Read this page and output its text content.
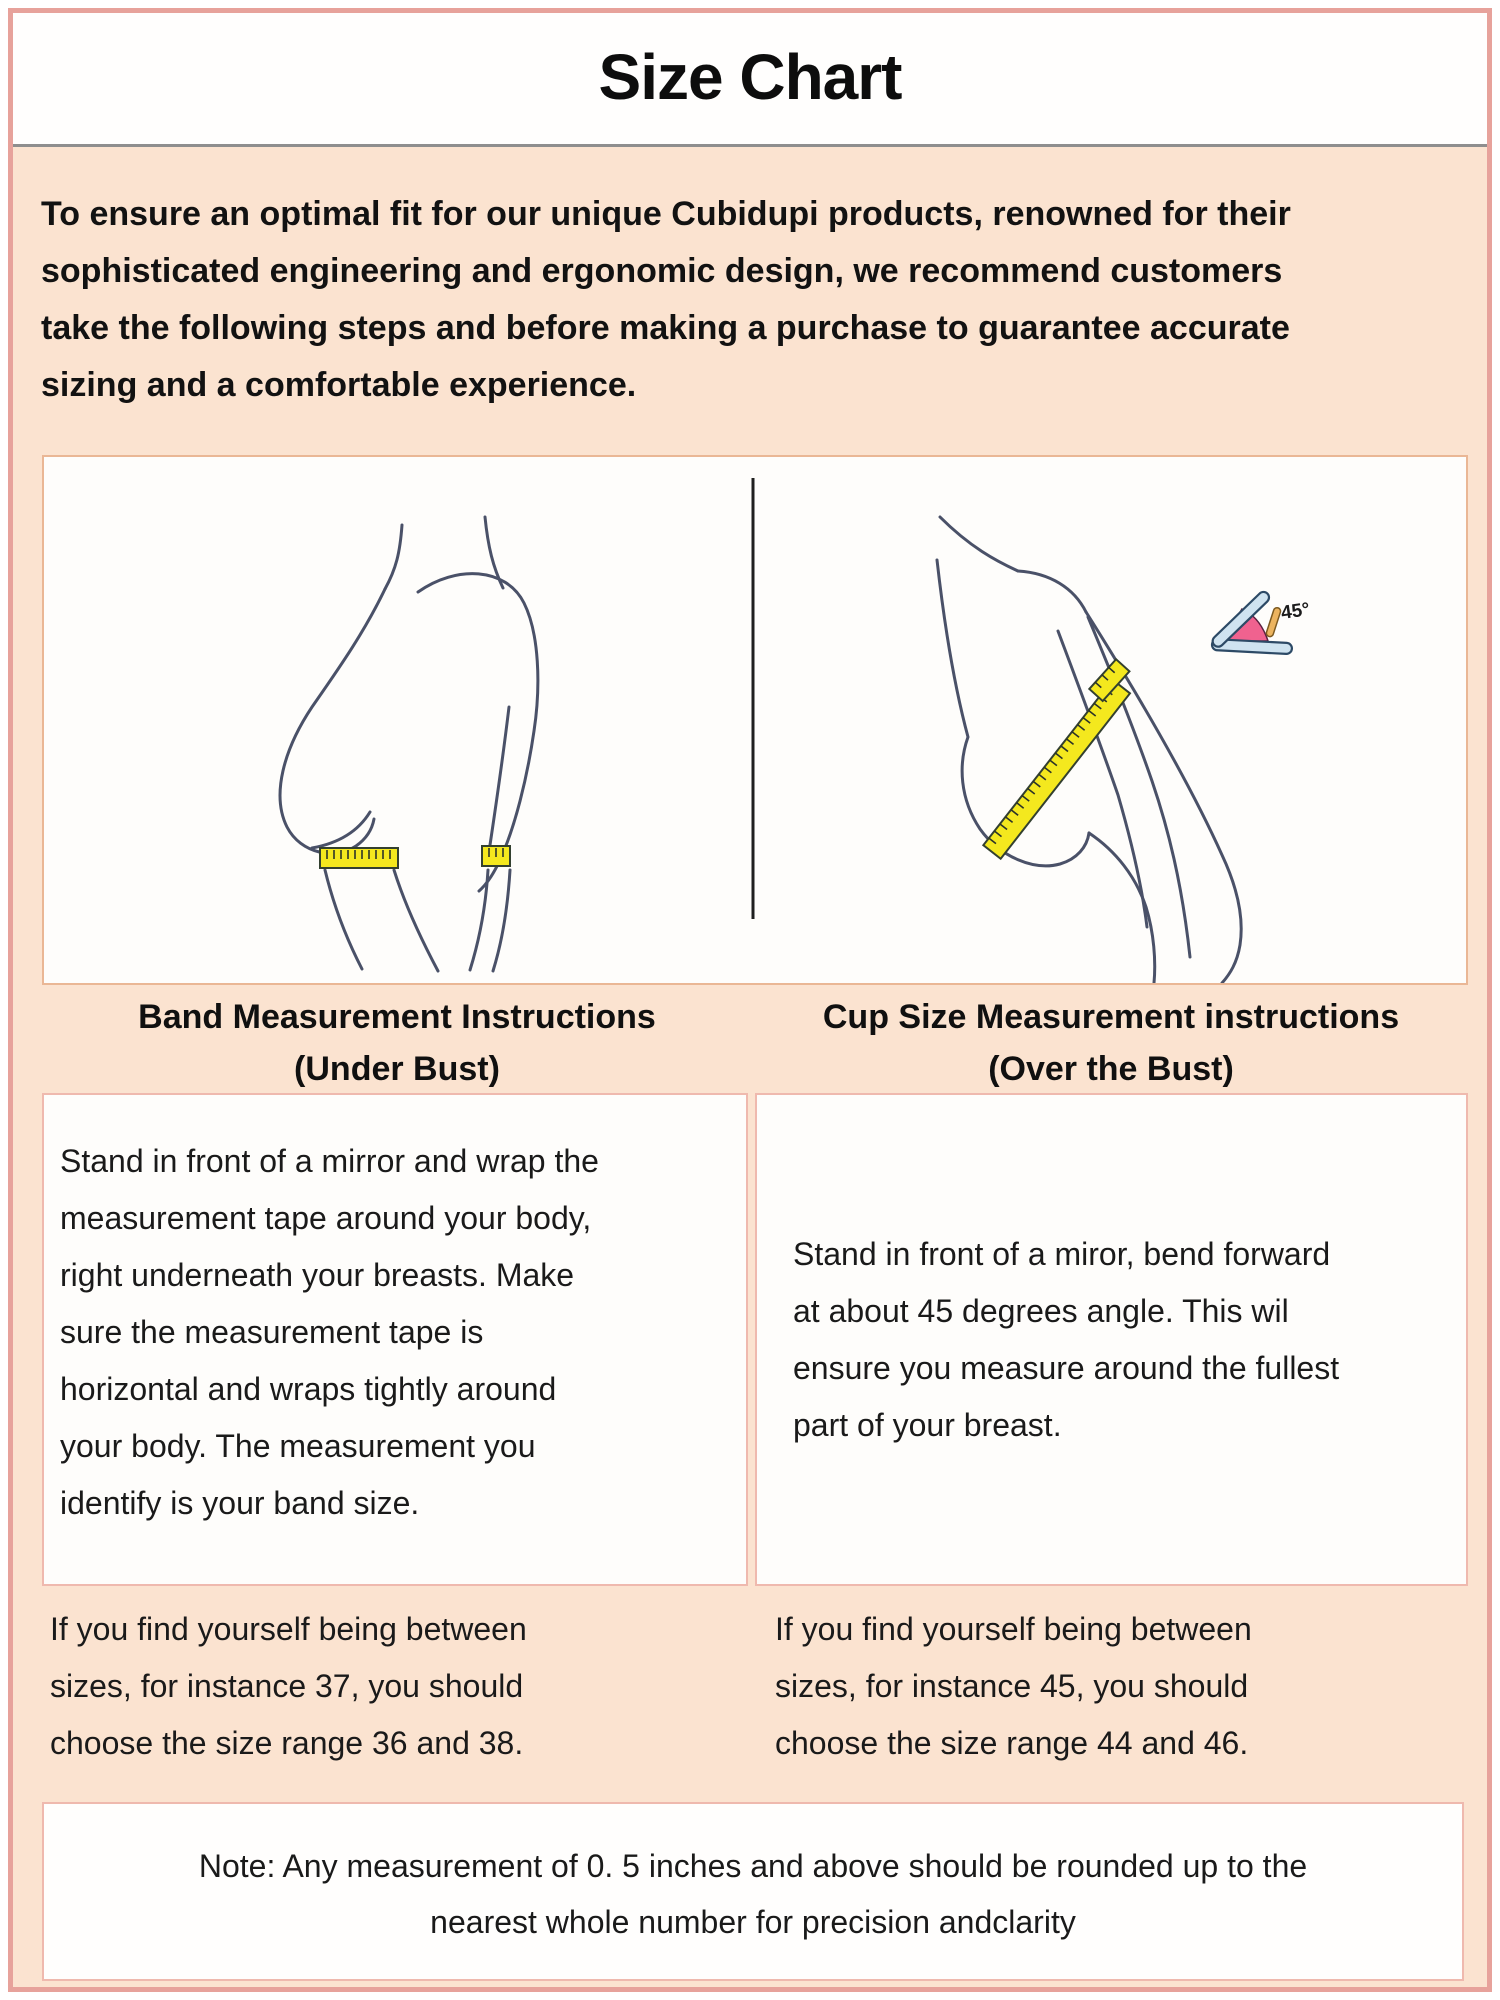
Size Chart
To ensure an optimal fit for our unique Cubidupi products, renowned for their
sophisticated engineering and ergonomic design, we recommend customers
take the following steps and before making a purchase to guarantee accurate
sizing and a comfortable experience.
45°
Band Measurement Instructions
(Under Bust)
Cup Size Measurement instructions
(Over the Bust)
Stand in front of a mirror and wrap the
measurement tape around your body,
right underneath your breasts. Make
sure the measurement tape is
horizontal and wraps tightly around
your body. The measurement you
identify is your band size.
Stand in front of a miror, bend forward
at about 45 degrees angle. This wil
ensure you measure around the fullest
part of your breast.
If you find yourself being between
sizes, for instance 37, you should
choose the size range 36 and 38.
If you find yourself being between
sizes, for instance 45, you should
choose the size range 44 and 46.
Note: Any measurement of 0. 5 inches and above should be rounded up to the
nearest whole number for precision andclarity
